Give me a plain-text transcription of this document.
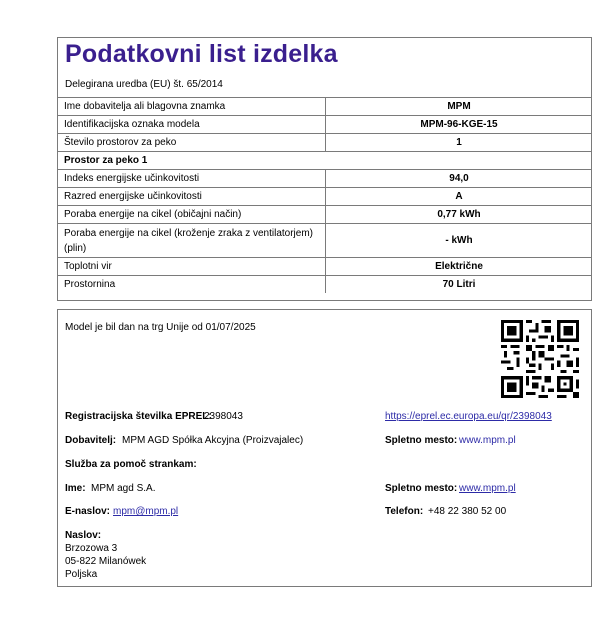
Podatkovni list izdelka
Delegirana uredba (EU) št. 65/2014
Ime dobavitelja ali blagovna znamka	MPM
Identifikacijska oznaka modela	MPM-96-KGE-15
Število prostorov za peko	1
Prostor za peko 1	
Indeks energijske učinkovitosti	94,0
Razred energijske učinkovitosti	A
Poraba energije na cikel (običajni način)	0,77 kWh
Poraba energije na cikel (kroženje zraka z ventilatorjem)
(plin)	- kWh
Toplotni vir	Električne
Prostornina	70 Litri
Model je bil dan na trg Unije od 01/07/2025
Registracijska številka EPREL:
2398043	https://eprel.ec.europa.eu/qr/2398043
Dobavitelj: MPM AGD Spółka Akcyjna (Proizvajalec)	Spletno mesto: www.mpm.pl
Služba za pomoč strankam:
Ime: MPM agd S.A.	Spletno mesto: www.mpm.pl
E-naslov: mpm@mpm.pl	Telefon: +48 22 380 52 00
Naslov:
Brzozowa 3
05-822 Milanówek
Poljska
